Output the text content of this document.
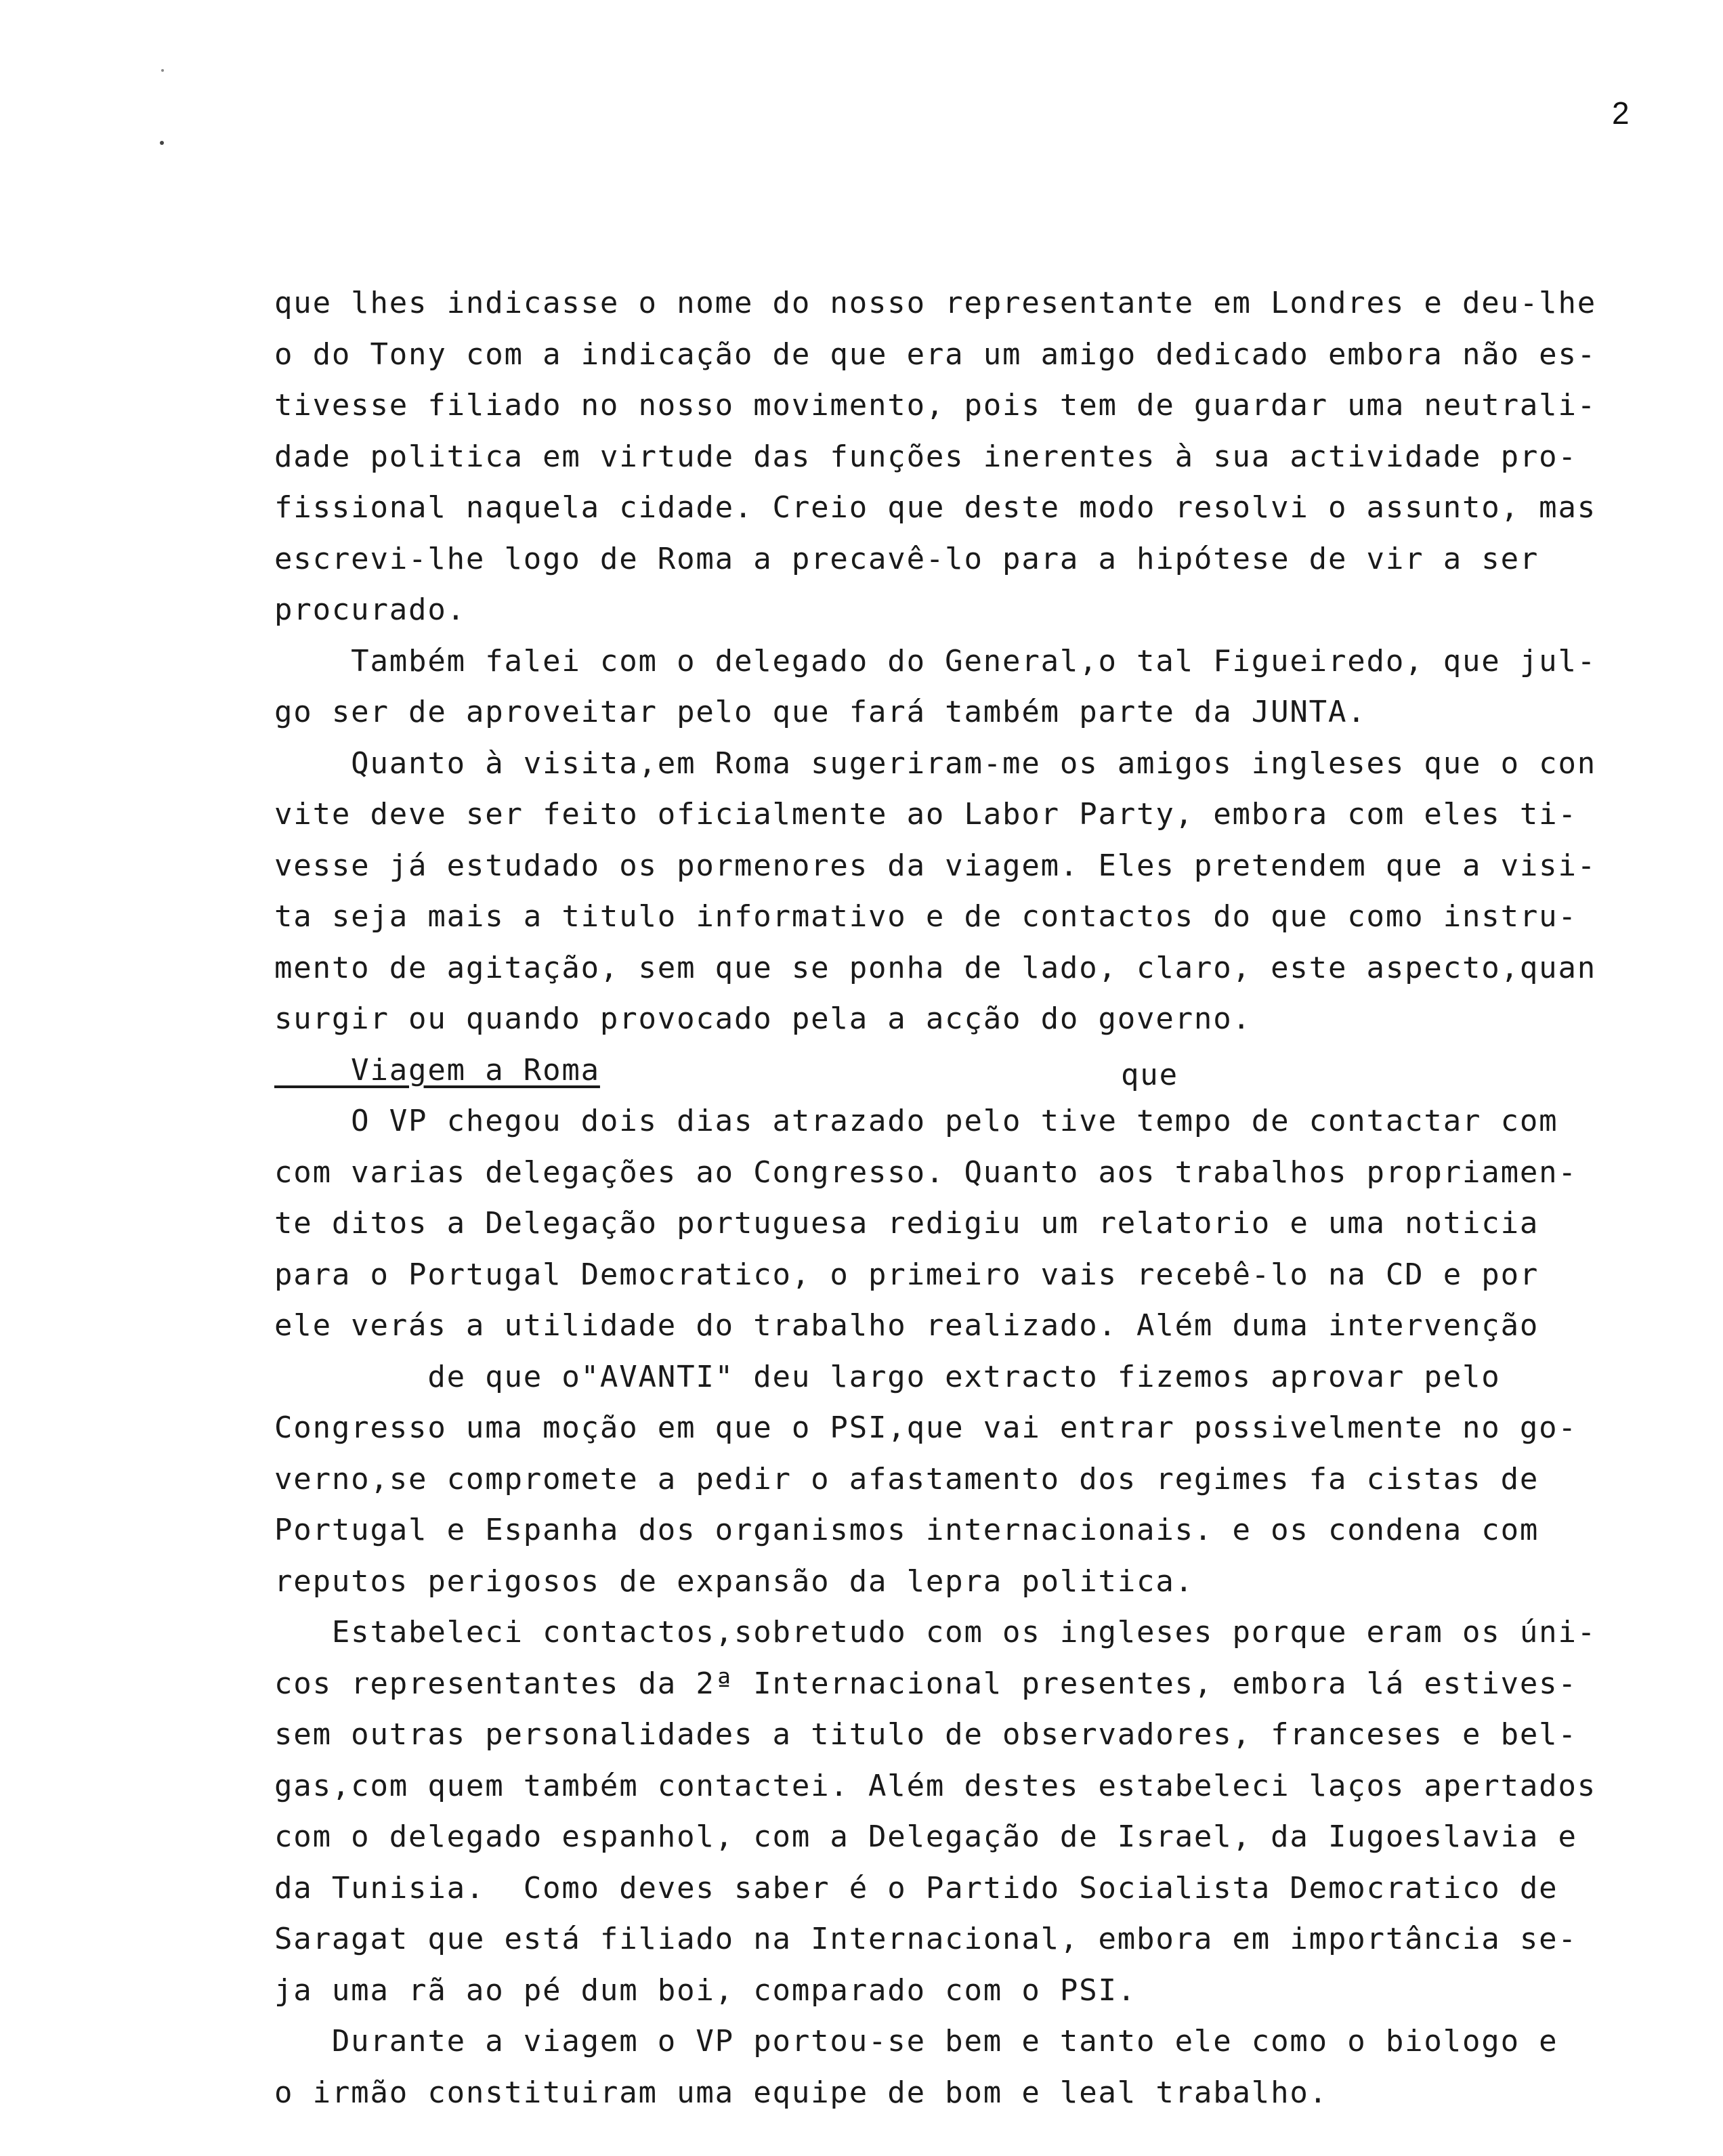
2
que
que lhes indicasse o nome do nosso representante em Londres e deu-lhe
o do Tony com a indicação de que era um amigo dedicado embora não es-
tivesse filiado no nosso movimento, pois tem de guardar uma neutrali-
dade politica em virtude das funções inerentes à sua actividade pro-
fissional naquela cidade. Creio que deste modo resolvi o assunto, mas
escrevi-lhe logo de Roma a precavê-lo para a hipótese de vir a ser
procurado.
Também falei com o delegado do General,o tal Figueiredo, que jul-
go ser de aproveitar pelo que fará também parte da JUNTA.
Quanto à visita,em Roma sugeriram-me os amigos ingleses que o con
vite deve ser feito oficialmente ao Labor Party, embora com eles ti-
vesse já estudado os pormenores da viagem. Eles pretendem que a visi-
ta seja mais a titulo informativo e de contactos do que como instru-
mento de agitação, sem que se ponha de lado, claro, este aspecto,quan
surgir ou quando provocado pela a acção do governo.
Viagem a Roma
O VP chegou dois dias atrazado pelo tive tempo de contactar com
com varias delegações ao Congresso. Quanto aos trabalhos propriamen-
te ditos a Delegação portuguesa redigiu um relatorio e uma noticia
para o Portugal Democratico, o primeiro vais recebê-lo na CD e por
ele verás a utilidade do trabalho realizado. Além duma intervenção
de que o"AVANTI" deu largo extracto fizemos aprovar pelo
Congresso uma moção em que o PSI,que vai entrar possivelmente no go-
verno,se compromete a pedir o afastamento dos regimes fa cistas de
Portugal e Espanha dos organismos internacionais. e os condena com
reputos perigosos de expansão da lepra politica.
Estabeleci contactos,sobretudo com os ingleses porque eram os úni-
cos representantes da 2ª Internacional presentes, embora lá estives-
sem outras personalidades a titulo de observadores, franceses e bel-
gas,com quem também contactei. Além destes estabeleci laços apertados
com o delegado espanhol, com a Delegação de Israel, da Iugoeslavia e
da Tunisia.  Como deves saber é o Partido Socialista Democratico de
Saragat que está filiado na Internacional, embora em importância se-
ja uma rã ao pé dum boi, comparado com o PSI.
Durante a viagem o VP portou-se bem e tanto ele como o biologo e
o irmão constituiram uma equipe de bom e leal trabalho.
